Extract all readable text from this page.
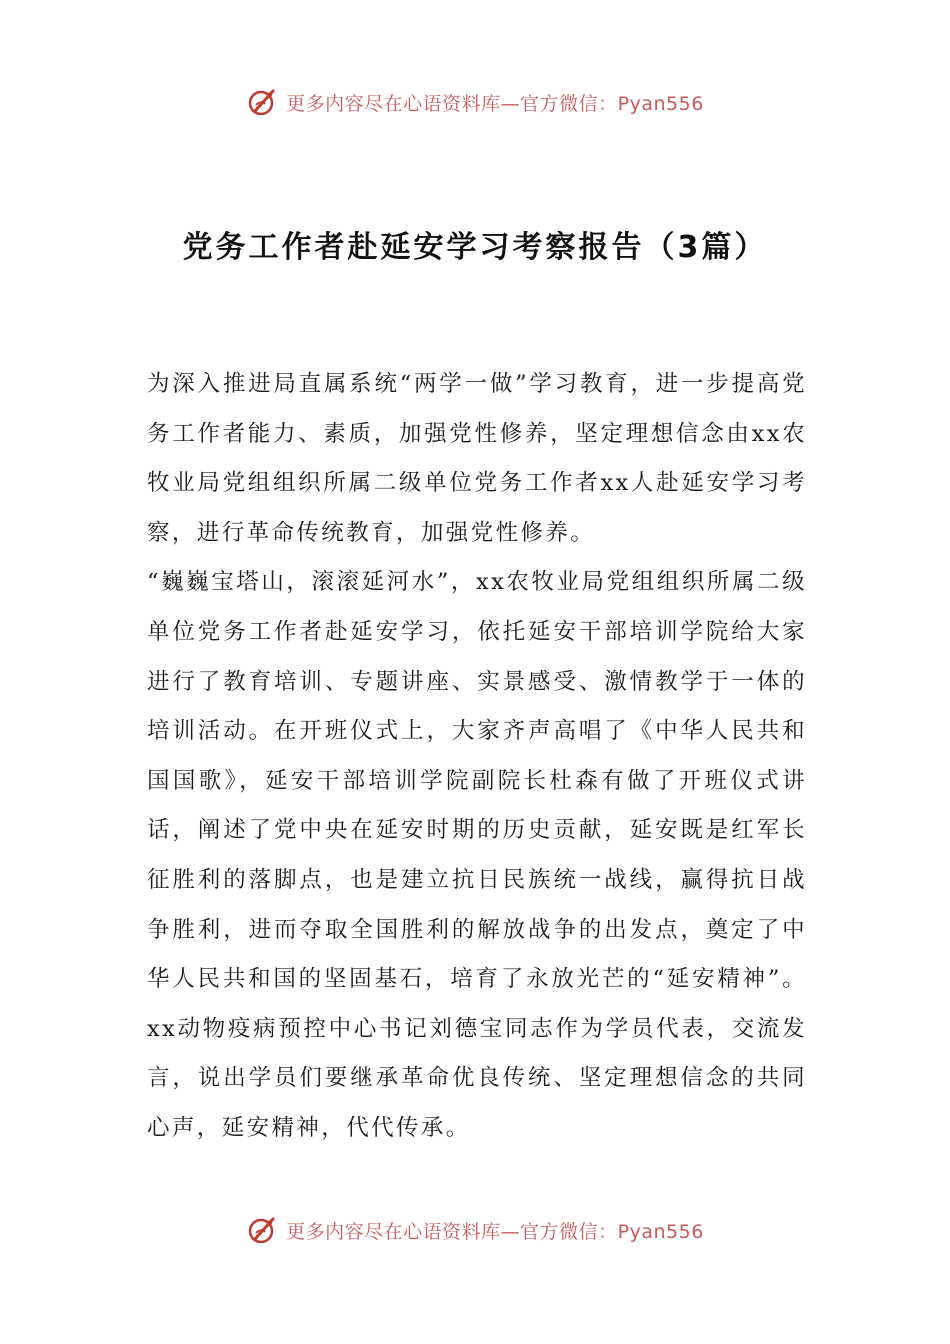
更多内容尽在心语资料库—官方微信：Pyan556
党务工作者赴延安学习考察报告（3篇）

为深入推进局直属系统“两学一做”学习教育，进一步提高党务工作者能力、素质，加强党性修养，坚定理想信念由xx农牧业局党组组织所属二级单位党务工作者xx人赴延安学习考察，进行革命传统教育，加强党性修养。

“巍巍宝塔山，滚滚延河水”，xx农牧业局党组组织所属二级单位党务工作者赴延安学习，依托延安干部培训学院给大家进行了教育培训、专题讲座、实景感受、激情教学于一体的培训活动。在开班仪式上，大家齐声高唱了《中华人民共和国国歌》，延安干部培训学院副院长杜森有做了开班仪式讲话，阐述了党中央在延安时期的历史贡献，延安既是红军长征胜利的落脚点，也是建立抗日民族统一战线，赢得抗日战争胜利，进而夺取全国胜利的解放战争的出发点，奠定了中华人民共和国的坚固基石，培育了永放光芒的“延安精神”。xx动物疫病预控中心书记刘德宝同志作为学员代表，交流发言，说出学员们要继承革命优良传统、坚定理想信念的共同心声，延安精神，代代传承。

更多内容尽在心语资料库—官方微信：Pyan556
